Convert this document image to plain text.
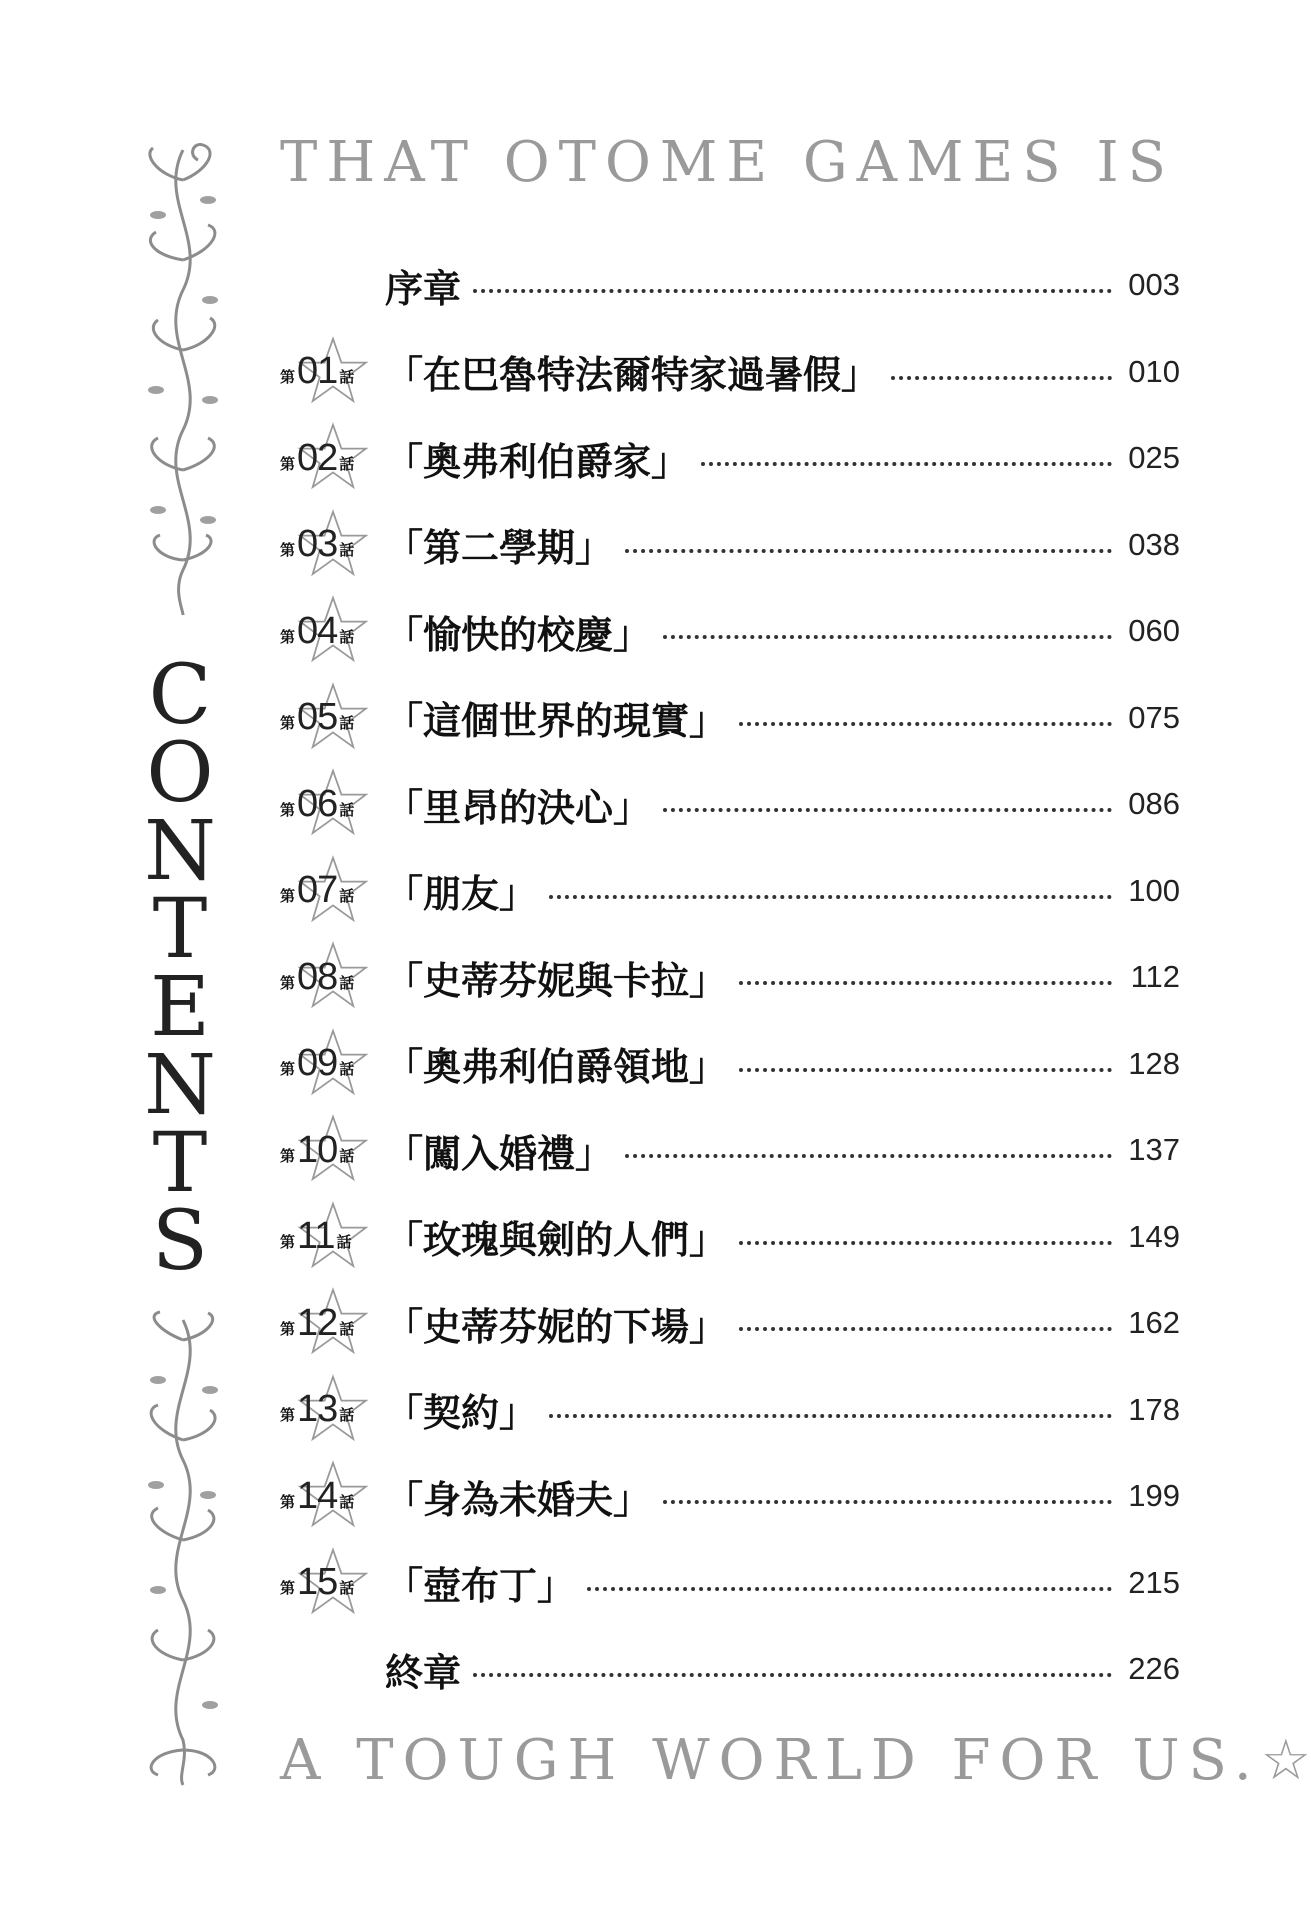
THAT OTOME GAMES IS
C
O
N
T
E
N
T
S
序章	003
第 01 話 「在巴魯特法爾特家過暑假」	010
第 02 話 「奧弗利伯爵家」	025
第 03 話 「第二學期」	038
第 04 話 「愉快的校慶」	060
第 05 話 「這個世界的現實」	075
第 06 話 「里昂的決心」	086
第 07 話 「朋友」	100
第 08 話 「史蒂芬妮與卡拉」	112
第 09 話 「奧弗利伯爵領地」	128
第 10 話 「闖入婚禮」	137
第 11 話 「玫瑰與劍的人們」	149
第 12 話 「史蒂芬妮的下場」	162
第 13 話 「契約」	178
第 14 話 「身為未婚夫」	199
第 15 話 「壺布丁」	215
終章	226
A TOUGH WORLD FOR US.☆
